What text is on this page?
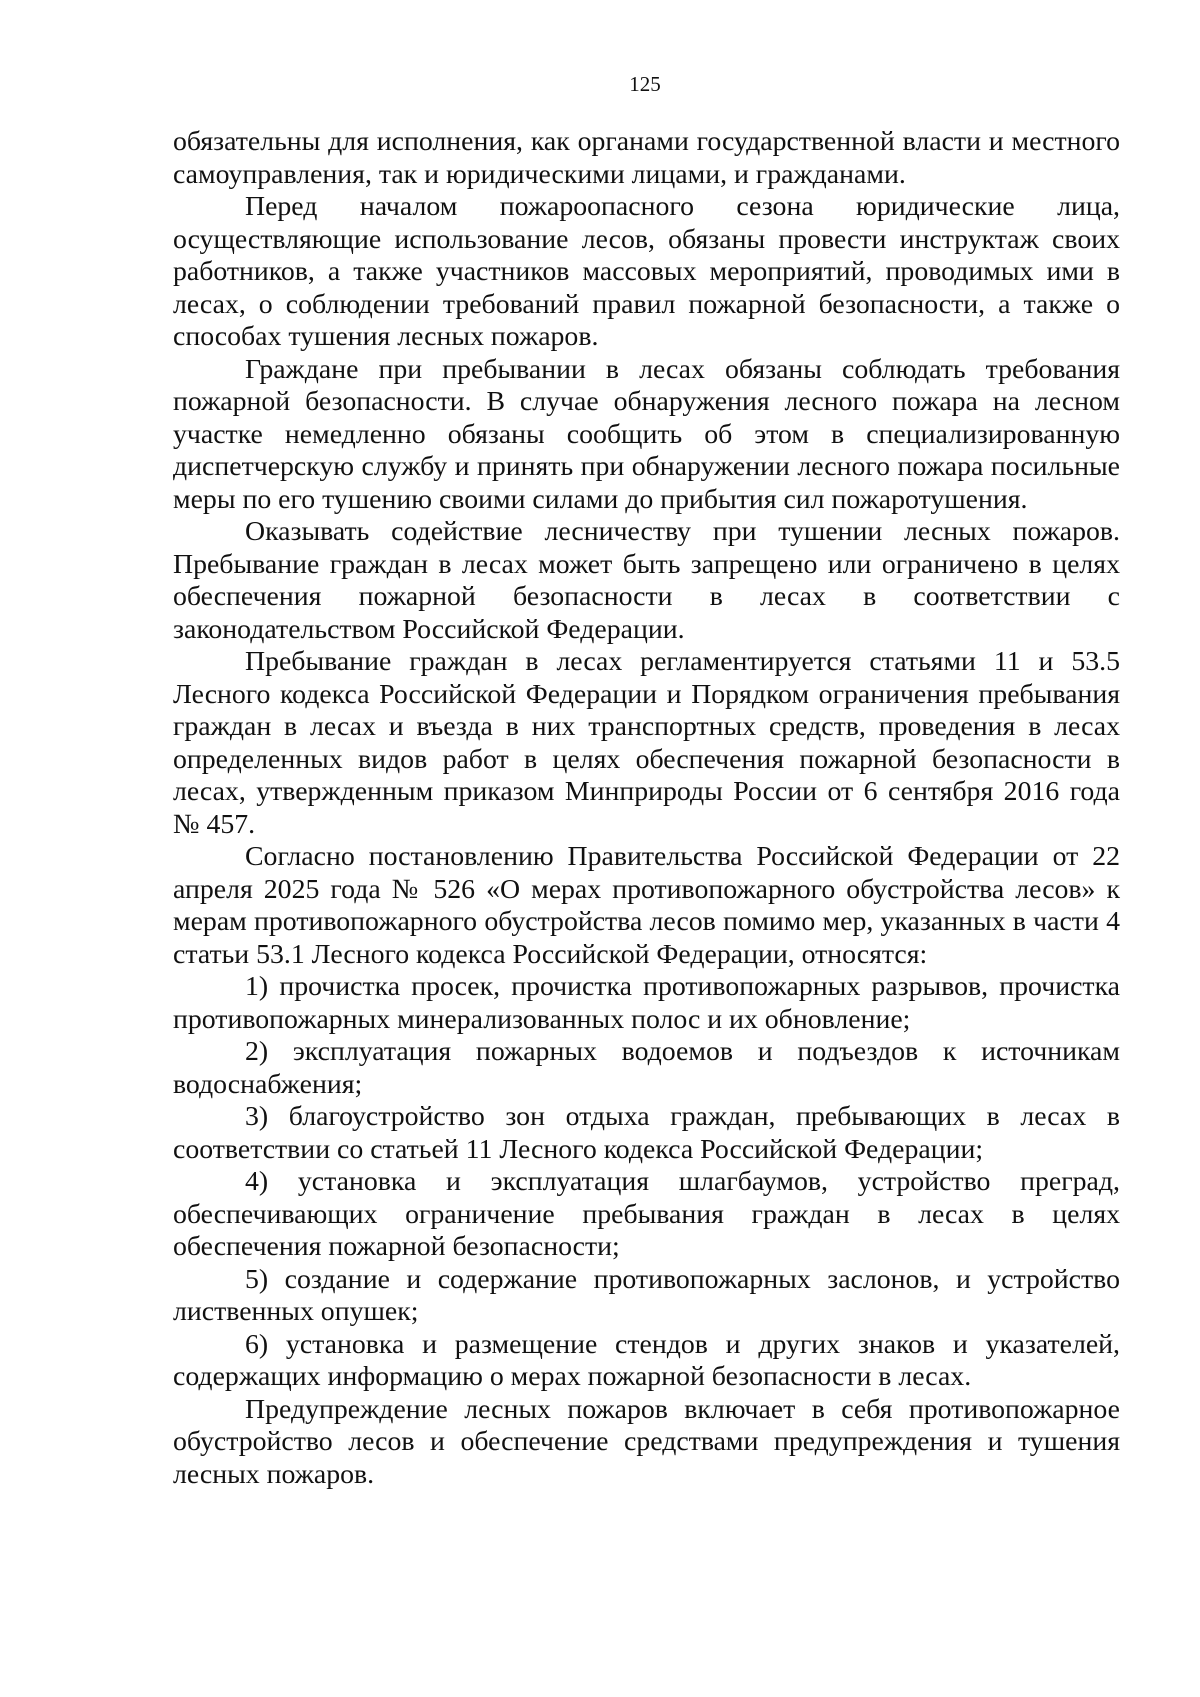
125

обязательны для исполнения, как органами государственной власти и местного самоуправления, так и юридическими лицами, и гражданами.

Перед началом пожароопасного сезона юридические лица, осуществляющие использование лесов, обязаны провести инструктаж своих работников, а также участников массовых мероприятий, проводимых ими в лесах, о соблюдении требований правил пожарной безопасности, а также о способах тушения лесных пожаров.

Граждане при пребывании в лесах обязаны соблюдать требования пожарной безопасности. В случае обнаружения лесного пожара на лесном участке немедленно обязаны сообщить об этом в специализированную диспетчерскую службу и принять при обнаружении лесного пожара посильные меры по его тушению своими силами до прибытия сил пожаротушения.

Оказывать содействие лесничеству при тушении лесных пожаров. Пребывание граждан в лесах может быть запрещено или ограничено в целях обеспечения пожарной безопасности в лесах в соответствии с законодательством Российской Федерации.

Пребывание граждан в лесах регламентируется статьями 11 и 53.5 Лесного кодекса Российской Федерации и Порядком ограничения пребывания граждан в лесах и въезда в них транспортных средств, проведения в лесах определенных видов работ в целях обеспечения пожарной безопасности в лесах, утвержденным приказом Минприроды России от 6 сентября 2016 года № 457.

Согласно постановлению Правительства Российской Федерации от 22 апреля 2025 года № 526 «О мерах противопожарного обустройства лесов» к мерам противопожарного обустройства лесов помимо мер, указанных в части 4 статьи 53.1 Лесного кодекса Российской Федерации, относятся:

1) прочистка просек, прочистка противопожарных разрывов, прочистка противопожарных минерализованных полос и их обновление;

2) эксплуатация пожарных водоемов и подъездов к источникам водоснабжения;

3) благоустройство зон отдыха граждан, пребывающих в лесах в соответствии со статьей 11 Лесного кодекса Российской Федерации;

4) установка и эксплуатация шлагбаумов, устройство преград, обеспечивающих ограничение пребывания граждан в лесах в целях обеспечения пожарной безопасности;

5) создание и содержание противопожарных заслонов, и устройство лиственных опушек;

6) установка и размещение стендов и других знаков и указателей, содержащих информацию о мерах пожарной безопасности в лесах.

Предупреждение лесных пожаров включает в себя противопожарное обустройство лесов и обеспечение средствами предупреждения и тушения лесных пожаров.
